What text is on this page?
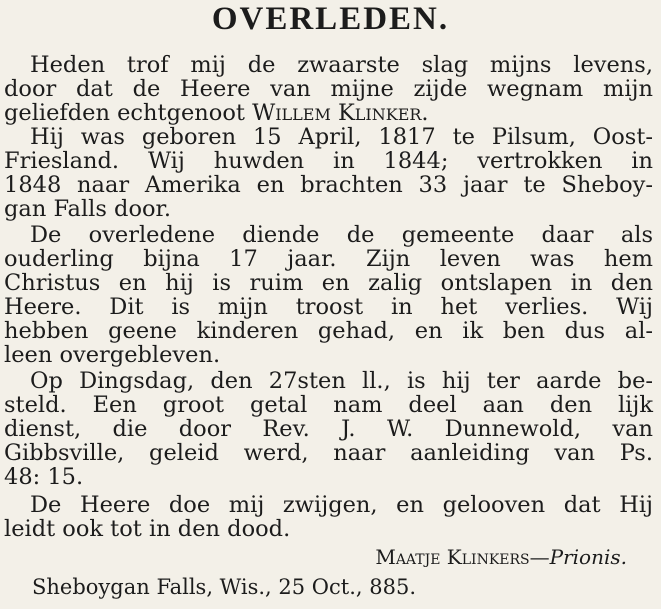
OVERLEDEN.
Heden trof mij de zwaarste slag mijns levens,
door dat de Heere van mijne zijde wegnam mijn
geliefden echtgenoot Willem Klinker.
Hij was geboren 15 April, 1817 te Pilsum, Oost-
Friesland. Wij huwden in 1844; vertrokken in
1848 naar Amerika en brachten 33 jaar te Sheboy-
gan Falls door.
De overledene diende de gemeente daar als
ouderling bijna 17 jaar. Zijn leven was hem
Christus en hij is ruim en zalig ontslapen in den
Heere. Dit is mijn troost in het verlies. Wij
hebben geene kinderen gehad, en ik ben dus al-
leen overgebleven.
Op Dingsdag, den 27sten ll., is hij ter aarde be-
steld. Een groot getal nam deel aan den lijk
dienst, die door Rev. J. W. Dunnewold, van
Gibbsville, geleid werd, naar aanleiding van Ps.
48: 15.
De Heere doe mij zwijgen, en gelooven dat Hij
leidt ook tot in den dood.
Maatje Klinkers—Prionis.
Sheboygan Falls, Wis., 25 Oct., 885.
